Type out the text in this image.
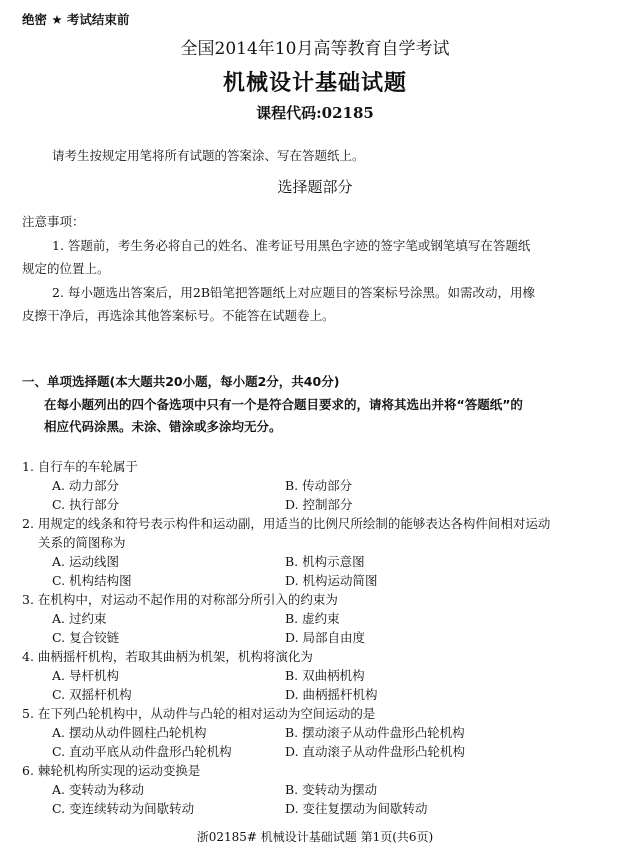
绝密 ★ 考试结束前
全国2014年10月高等教育自学考试
机械设计基础试题
课程代码:02185
请考生按规定用笔将所有试题的答案涂、写在答题纸上。
选择题部分
注意事项：
1. 答题前，考生务必将自己的姓名、准考证号用黑色字迹的签字笔或钢笔填写在答题纸
规定的位置上。
2. 每小题选出答案后，用2B铅笔把答题纸上对应题目的答案标号涂黑。如需改动，用橡
皮擦干净后，再选涂其他答案标号。不能答在试题卷上。
一、单项选择题(本大题共20小题，每小题2分，共40分)
在每小题列出的四个备选项中只有一个是符合题目要求的，请将其选出并将“答题纸”的
相应代码涂黑。未涂、错涂或多涂均无分。
1. 自行车的车轮属于
A. 动力部分	B. 传动部分
C. 执行部分	D. 控制部分
2. 用规定的线条和符号表示构件和运动副，用适当的比例尺所绘制的能够表达各构件间相对运动
关系的简图称为
A. 运动线图	B. 机构示意图
C. 机构结构图	D. 机构运动简图
3. 在机构中，对运动不起作用的对称部分所引入的约束为
A. 过约束	B. 虚约束
C. 复合铰链	D. 局部自由度
4. 曲柄摇杆机构，若取其曲柄为机架，机构将演化为
A. 导杆机构	B. 双曲柄机构
C. 双摇杆机构	D. 曲柄摇杆机构
5. 在下列凸轮机构中，从动件与凸轮的相对运动为空间运动的是
A. 摆动从动件圆柱凸轮机构	B. 摆动滚子从动件盘形凸轮机构
C. 直动平底从动件盘形凸轮机构	D. 直动滚子从动件盘形凸轮机构
6. 棘轮机构所实现的运动变换是
A. 变转动为移动	B. 变转动为摆动
C. 变连续转动为间歇转动	D. 变往复摆动为间歇转动
浙02185# 机械设计基础试题 第1页(共6页)
